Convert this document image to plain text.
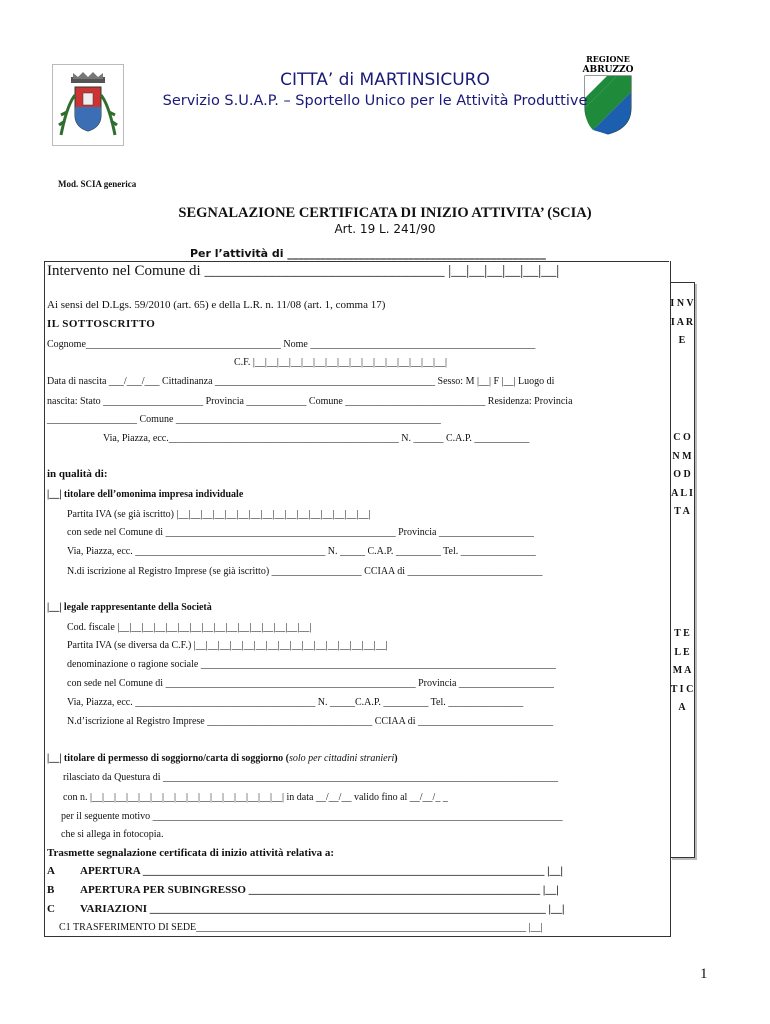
REGIONE
ABRUZZO
CITTA’ di MARTINSICURO
Servizio S.U.A.P. – Sportello Unico per le Attività Produttive
Mod. SCIA generica
SEGNALAZIONE CERTIFICATA DI INIZIO ATTIVITA’ (SCIA)
Art. 19 L. 241/90
Per l’attività di _______________________________________________
Intervento nel Comune di ________________________________ |__|__|__|__|__|__|
I N V I A R E
C O N M O D A L I T A
T E L E M A T I C A
Ai sensi del D.Lgs. 59/2010 (art. 65) e della L.R. n. 11/08 (art. 1, comma 17)
IL SOTTOSCRITTO
Cognome_______________________________________ Nome _____________________________________________
C.F. |__|__|__|__|__|__|__|__|__|__|__|__|__|__|__|__|
Data di nascita ___/___/___ Cittadinanza ____________________________________________ Sesso: M |__| F |__| Luogo di
nascita: Stato ____________________ Provincia ____________ Comune ____________________________ Residenza: Provincia
__________________ Comune _____________________________________________________
Via, Piazza, ecc.______________________________________________ N. ______ C.A.P. ___________
in qualità di:
|__| titolare dell’omonima impresa individuale
Partita IVA (se già iscritto) |__|__|__|__|__|__|__|__|__|__|__|__|__|__|__|__|
con sede nel Comune di ______________________________________________ Provincia ___________________
Via, Piazza, ecc. ______________________________________ N. _____ C.A.P. _________ Tel. _______________
N.di iscrizione al Registro Imprese (se già iscritto) __________________ CCIAA di ___________________________
|__| legale rappresentante della Società
Cod. fiscale |__|__|__|__|__|__|__|__|__|__|__|__|__|__|__|__|
Partita IVA (se diversa da C.F.) |__|__|__|__|__|__|__|__|__|__|__|__|__|__|__|__|
denominazione o ragione sociale _______________________________________________________________________
con sede nel Comune di __________________________________________________ Provincia ___________________
Via, Piazza, ecc. ____________________________________ N. _____C.A.P. _________ Tel. _______________
N.d’iscrizione al Registro Imprese _________________________________ CCIAA di ___________________________
|__| titolare di permesso di soggiorno/carta di soggiorno (solo per cittadini stranieri)
rilasciato da Questura di _______________________________________________________________________________
con n. |__|__|__|__|__|__|__|__|__|__|__|__|__|__|__|__| in data __/__/__ valido fino al __/__/_ _
per il seguente motivo __________________________________________________________________________________
che si allega in fotocopia.
Trasmette segnalazione certificata di inizio attività relativa a:
A APERTURA _________________________________________________________________________ |__|
B APERTURA PER SUBINGRESSO _____________________________________________________ |__|
C VARIAZIONI ________________________________________________________________________ |__|
C1 TRASFERIMENTO DI SEDE__________________________________________________________________ |__|
1
